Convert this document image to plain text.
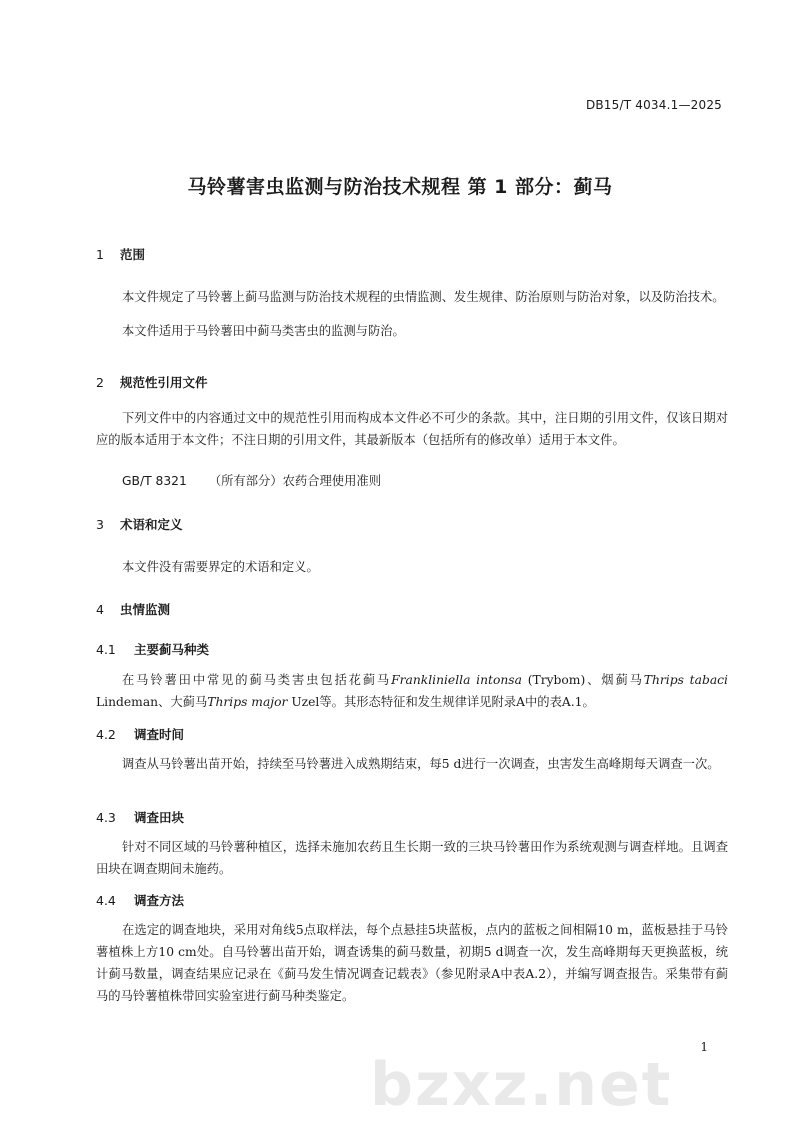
DB15/T 4034.1—2025
马铃薯害虫监测与防治技术规程 第 1 部分：蓟马
1 范围

本文件规定了马铃薯上蓟马监测与防治技术规程的虫情监测、发生规律、防治原则与防治对象，以及防治技术。

本文件适用于马铃薯田中蓟马类害虫的监测与防治。

2 规范性引用文件

下列文件中的内容通过文中的规范性引用而构成本文件必不可少的条款。其中，注日期的引用文件，仅该日期对应的版本适用于本文件；不注日期的引用文件，其最新版本（包括所有的修改单）适用于本文件。

GB/T 8321 （所有部分）农药合理使用准则
3 术语和定义

本文件没有需要界定的术语和定义。

4 虫情监测
4.1 主要蓟马种类

在马铃薯田中常见的蓟马类害虫包括花蓟马Frankliniella intonsa (Trybom)、烟蓟马Thrips tabaci Lindeman、大蓟马Thrips major Uzel等。其形态特征和发生规律详见附录A中的表A.1。

4.2 调查时间

调查从马铃薯出苗开始，持续至马铃薯进入成熟期结束，每5 d进行一次调查，虫害发生高峰期每天调查一次。

4.3 调查田块

针对不同区域的马铃薯种植区，选择未施加农药且生长期一致的三块马铃薯田作为系统观测与调查样地。且调查田块在调查期间未施药。

4.4 调查方法

在选定的调查地块，采用对角线5点取样法，每个点悬挂5块蓝板，点内的蓝板之间相隔10 m，蓝板悬挂于马铃薯植株上方10 cm处。自马铃薯出苗开始，调查诱集的蓟马数量，初期5 d调查一次，发生高峰期每天更换蓝板，统计蓟马数量，调查结果应记录在《蓟马发生情况调查记载表》（参见附录A中表A.2），并编写调查报告。采集带有蓟马的马铃薯植株带回实验室进行蓟马种类鉴定。

bzxz.net
1
